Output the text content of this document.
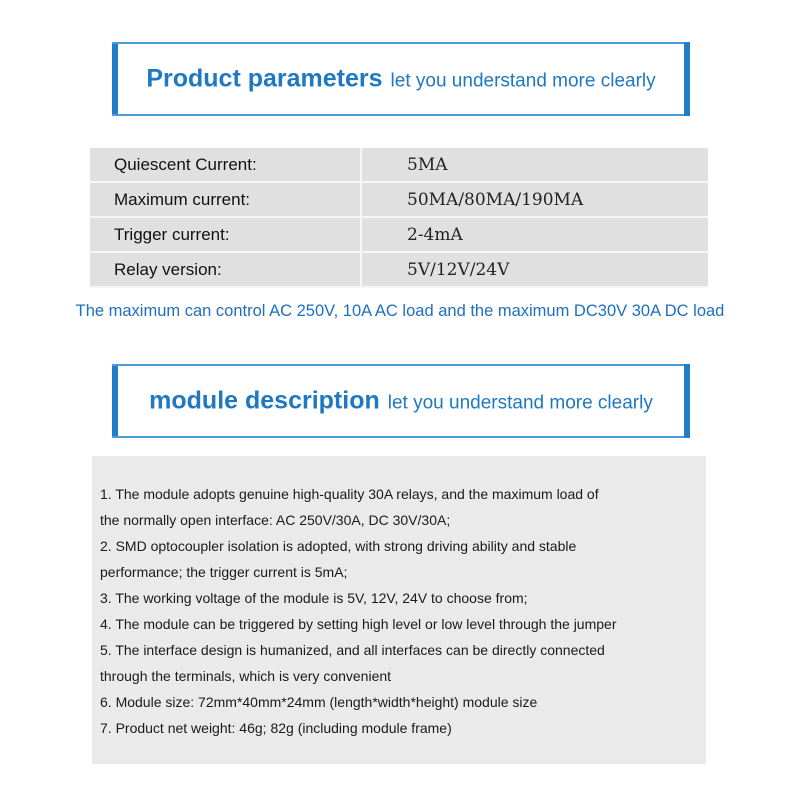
Product parameters let you understand more clearly
Quiescent Current:	5MA
Maximum current:	50MA/80MA/190MA
Trigger current:	2-4mA
Relay version:	5V/12V/24V
The maximum can control AC 250V, 10A AC load and the maximum DC30V 30A DC load
module description let you understand more clearly
1. The module adopts genuine high-quality 30A relays, and the maximum load of
the normally open interface: AC 250V/30A, DC 30V/30A;
2. SMD optocoupler isolation is adopted, with strong driving ability and stable
performance; the trigger current is 5mA;
3. The working voltage of the module is 5V, 12V, 24V to choose from;
4. The module can be triggered by setting high level or low level through the jumper
5. The interface design is humanized, and all interfaces can be directly connected
through the terminals, which is very convenient
6. Module size: 72mm*40mm*24mm (length*width*height) module size
7. Product net weight: 46g; 82g (including module frame)
